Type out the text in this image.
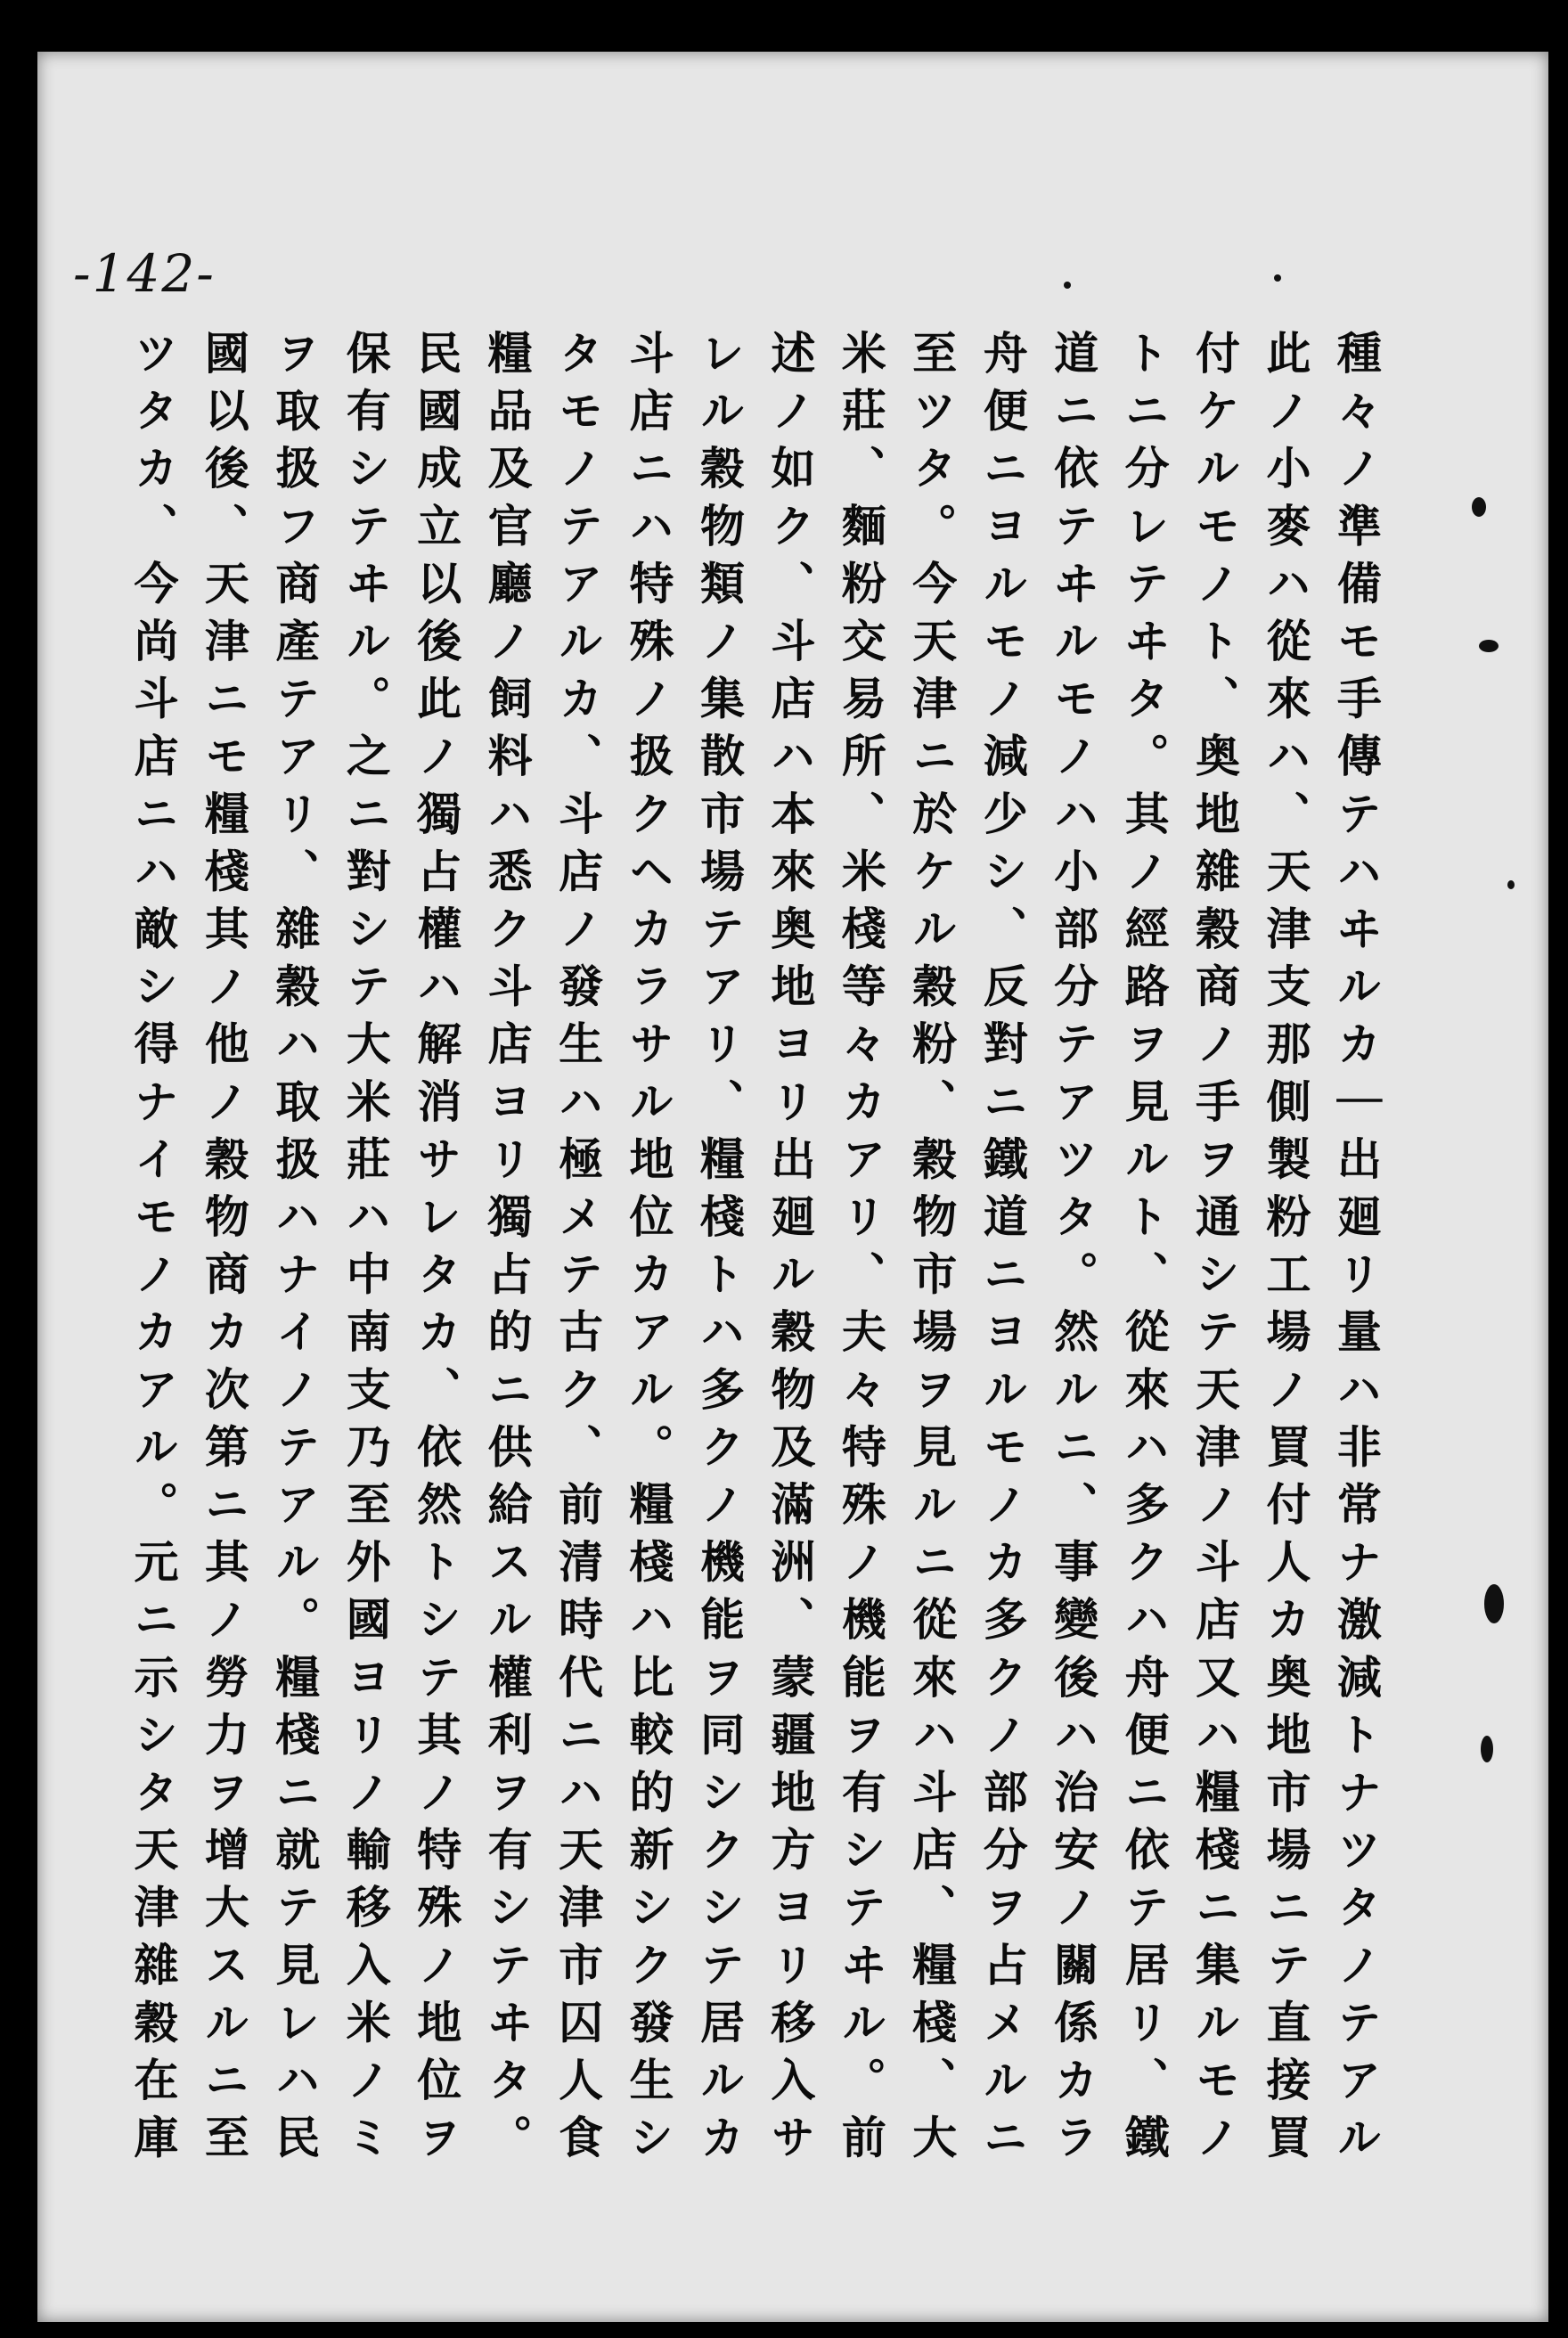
-142-
種々ノ準備モ手傳テハヰルカ｜出廻リ量ハ非常ナ激減トナツタノテアル
此ノ小麥ハ從來ハ、天津支那側製粉工場ノ買付人カ奥地市場ニテ直接買
付ケルモノト、奥地雜穀商ノ手ヲ通シテ天津ノ斗店又ハ糧棧ニ集ルモノ
トニ分レテヰタ。其ノ經路ヲ見ルト、從來ハ多クハ舟便ニ依テ居リ、鐵
道ニ依テヰルモノハ小部分テアツタ。然ルニ、事變後ハ治安ノ關係カラ
舟便ニヨルモノ減少シ、反對ニ鐵道ニヨルモノカ多クノ部分ヲ占メルニ
至ツタ。今天津ニ於ケル穀粉、穀物市場ヲ見ルニ從來ハ斗店、糧棧、大
米莊、麵粉交易所、米棧等々カアリ、夫々特殊ノ機能ヲ有シテヰル。前
述ノ如ク、斗店ハ本來奥地ヨリ出廻ル穀物及滿洲、蒙疆地方ヨリ移入サ
レル穀物類ノ集散市場テアリ、糧棧トハ多クノ機能ヲ同シクシテ居ルカ
斗店ニハ特殊ノ扱クヘカラサル地位カアル。糧棧ハ比較的新シク發生シ
タモノテアルカ、斗店ノ發生ハ極メテ古ク、前清時代ニハ天津市囚人食
糧品及官廳ノ飼料ハ悉ク斗店ヨリ獨占的ニ供給スル權利ヲ有シテヰタ。
民國成立以後此ノ獨占權ハ解消サレタカ、依然トシテ其ノ特殊ノ地位ヲ
保有シテヰル。之ニ對シテ大米莊ハ中南支乃至外國ヨリノ輸移入米ノミ
ヲ取扱フ商產テアリ、雜穀ハ取扱ハナイノテアル。糧棧ニ就テ見レハ民
國以後、天津ニモ糧棧其ノ他ノ穀物商カ次第ニ其ノ勞力ヲ增大スルニ至
ツタカ、今尚斗店ニハ敵シ得ナイモノカアル。元ニ示シタ天津雜穀在庫
